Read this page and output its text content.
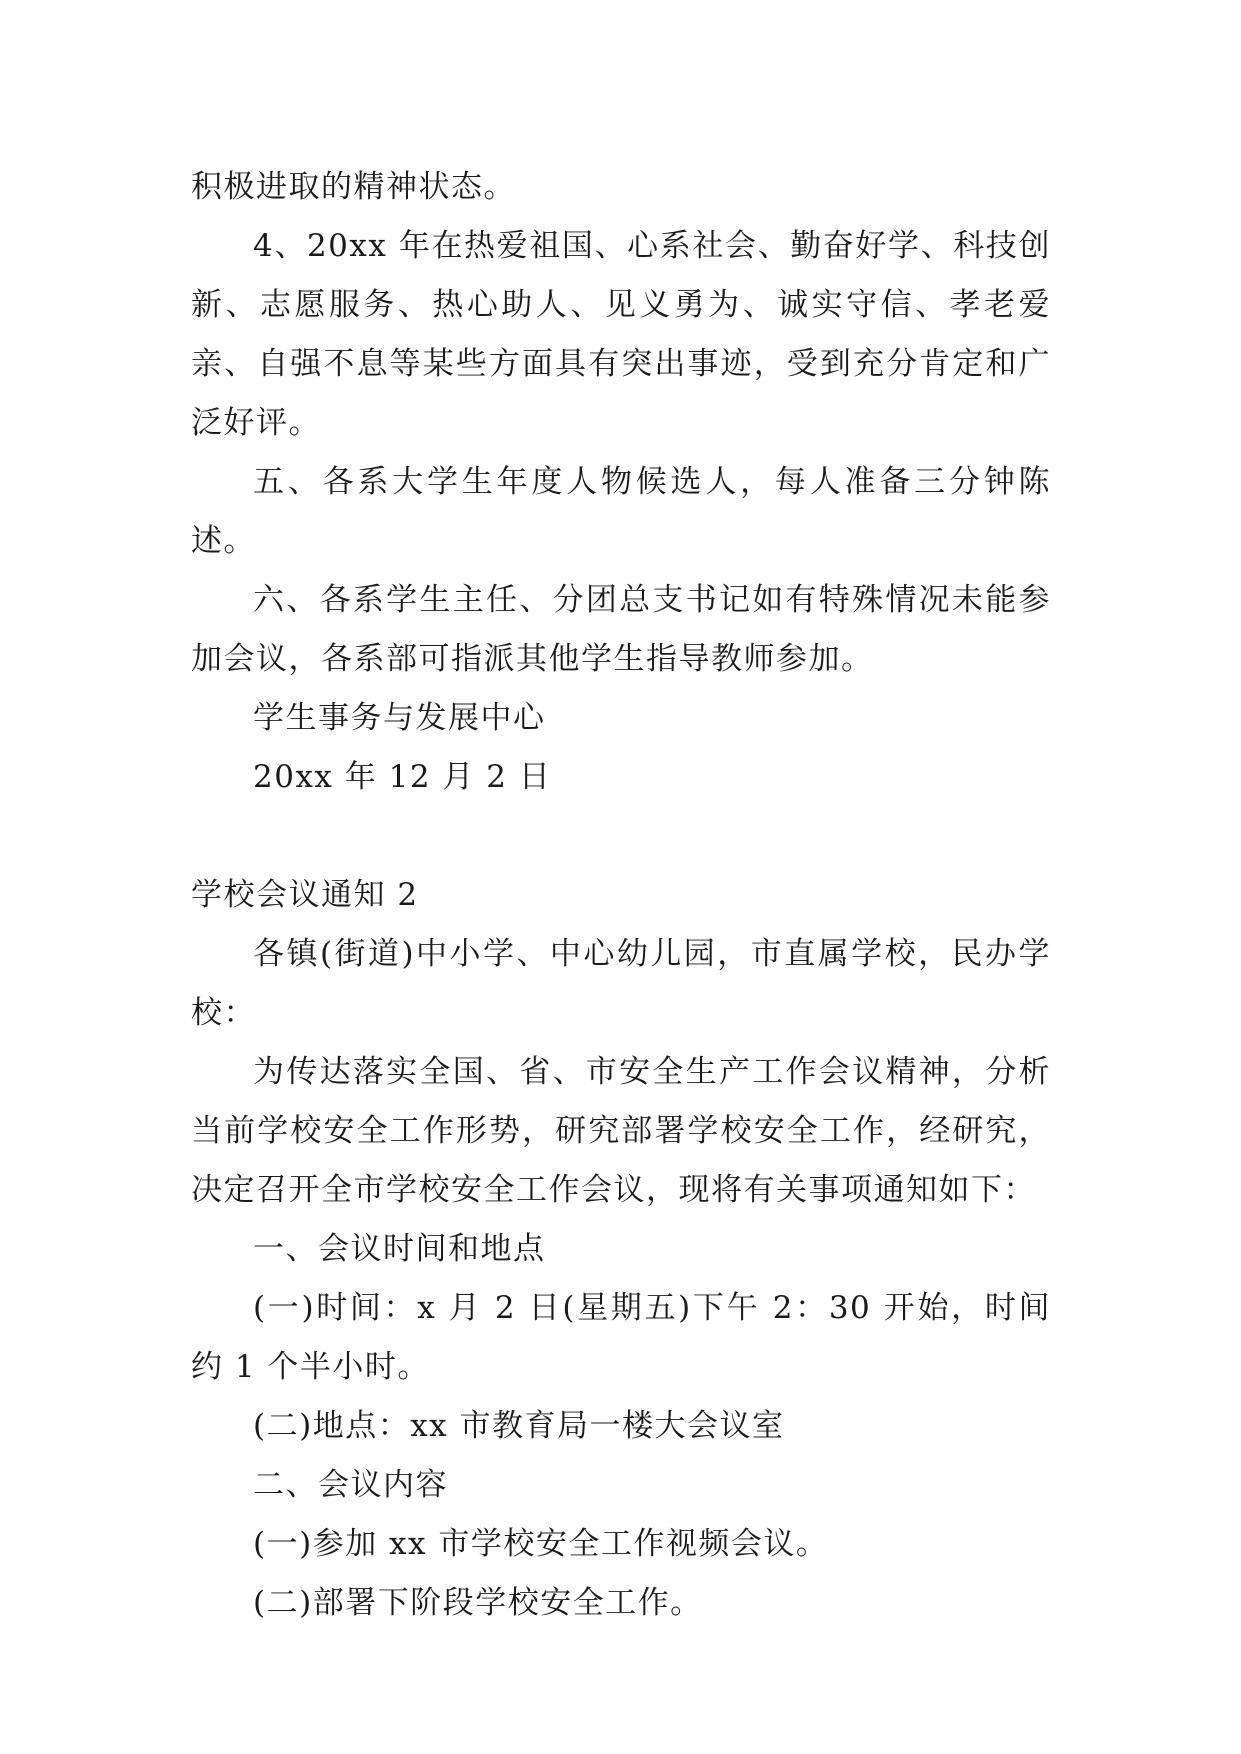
积极进取的精神状态。

4、20xx 年在热爱祖国、心系社会、勤奋好学、科技创新、志愿服务、热心助人、见义勇为、诚实守信、孝老爱亲、自强不息等某些方面具有突出事迹，受到充分肯定和广泛好评。

五、各系大学生年度人物候选人，每人准备三分钟陈述。

六、各系学生主任、分团总支书记如有特殊情况未能参加会议，各系部可指派其他学生指导教师参加。

学生事务与发展中心

20xx 年 12 月 2 日

学校会议通知 2

各镇(街道)中小学、中心幼儿园，市直属学校，民办学校：

为传达落实全国、省、市安全生产工作会议精神，分析当前学校安全工作形势，研究部署学校安全工作，经研究，决定召开全市学校安全工作会议，现将有关事项通知如下：

一、会议时间和地点

(一)时间：x 月 2 日(星期五)下午 2：30 开始，时间约 1 个半小时。

(二)地点：xx 市教育局一楼大会议室

二、会议内容

(一)参加 xx 市学校安全工作视频会议。

(二)部署下阶段学校安全工作。
